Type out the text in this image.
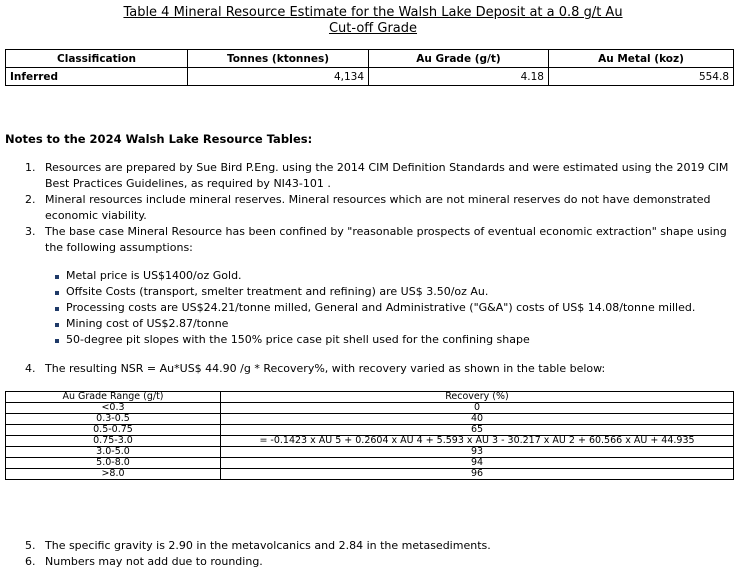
Table 4 Mineral Resource Estimate for the Walsh Lake Deposit at a 0.8 g/t Au
Cut-off Grade
Classification	Tonnes (ktonnes)	Au Grade (g/t)	Au Metal (koz)
Inferred	4,134	4.18	554.8
Notes to the 2024 Walsh Lake Resource Tables:
1. Resources are prepared by Sue Bird P.Eng. using the 2014 CIM Definition Standards and were estimated using the 2019 CIM Best Practices Guidelines, as required by NI43-101 .
2. Mineral resources include mineral reserves. Mineral resources which are not mineral reserves do not have demonstrated economic viability.
3. The base case Mineral Resource has been confined by "reasonable prospects of eventual economic extraction" shape using the following assumptions:
Metal price is US$1400/oz Gold.
Offsite Costs (transport, smelter treatment and refining) are US$ 3.50/oz Au.
Processing costs are US$24.21/tonne milled, General and Administrative ("G&A") costs of US$ 14.08/tonne milled.
Mining cost of US$2.87/tonne
50-degree pit slopes with the 150% price case pit shell used for the confining shape
4. The resulting NSR = Au*US$ 44.90 /g * Recovery%, with recovery varied as shown in the table below:
Au Grade Range (g/t)	Recovery (%)
<0.3	0
0.3-0.5	40
0.5-0.75	65
0.75-3.0	= -0.1423 x AU 5 + 0.2604 x AU 4 + 5.593 x AU 3 - 30.217 x AU 2 + 60.566 x AU + 44.935
3.0-5.0	93
5.0-8.0	94
>8.0	96
5. The specific gravity is 2.90 in the metavolcanics and 2.84 in the metasediments.
6. Numbers may not add due to rounding.
